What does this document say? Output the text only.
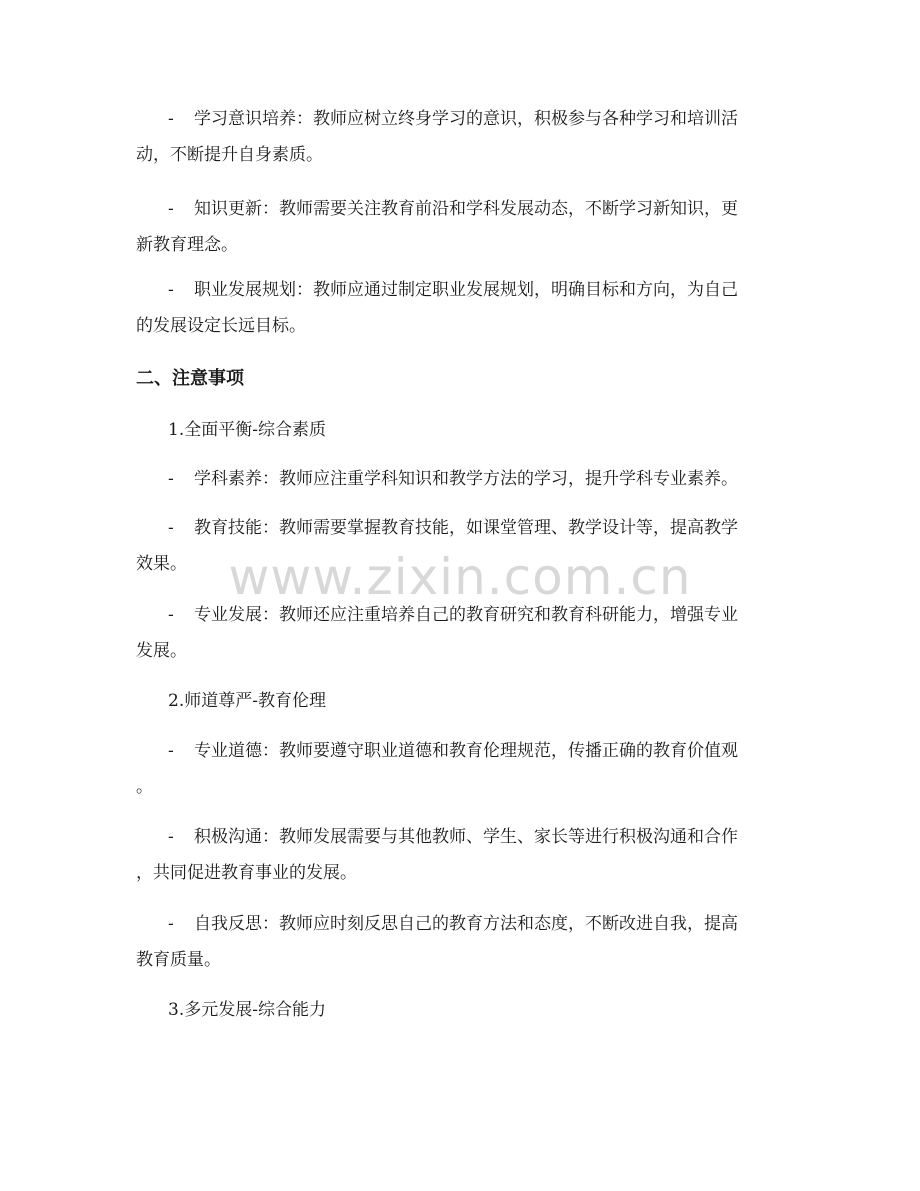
www.zixin.com.cn
- 学习意识培养：教师应树立终身学习的意识，积极参与各种学习和培训活
动，不断提升自身素质。
- 知识更新：教师需要关注教育前沿和学科发展动态，不断学习新知识，更
新教育理念。
- 职业发展规划：教师应通过制定职业发展规划，明确目标和方向，为自己
的发展设定长远目标。
二、注意事项
1.全面平衡-综合素质
- 学科素养：教师应注重学科知识和教学方法的学习，提升学科专业素养。
- 教育技能：教师需要掌握教育技能，如课堂管理、教学设计等，提高教学
效果。
- 专业发展：教师还应注重培养自己的教育研究和教育科研能力，增强专业
发展。
2.师道尊严-教育伦理
- 专业道德：教师要遵守职业道德和教育伦理规范，传播正确的教育价值观
。
- 积极沟通：教师发展需要与其他教师、学生、家长等进行积极沟通和合作
，共同促进教育事业的发展。
- 自我反思：教师应时刻反思自己的教育方法和态度，不断改进自我，提高
教育质量。
3.多元发展-综合能力
